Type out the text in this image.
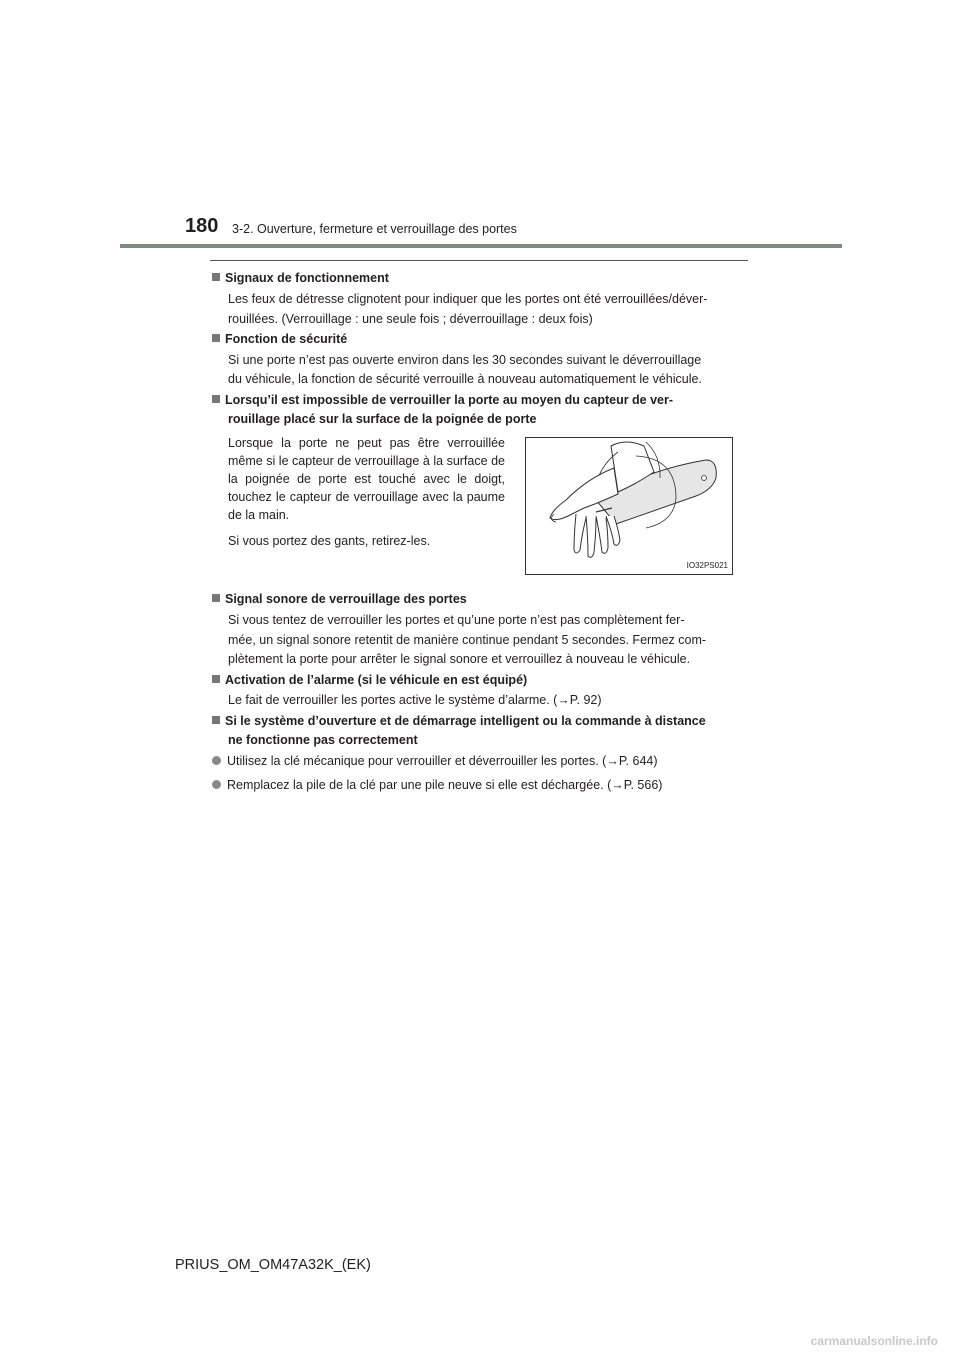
180 3-2. Ouverture, fermeture et verrouillage des portes
Signaux de fonctionnement
Les feux de détresse clignotent pour indiquer que les portes ont été verrouillées/déver-
rouillées. (Verrouillage : une seule fois ; déverrouillage : deux fois)
Fonction de sécurité
Si une porte n’est pas ouverte environ dans les 30 secondes suivant le déverrouillage
du véhicule, la fonction de sécurité verrouille à nouveau automatiquement le véhicule.
Lorsqu’il est impossible de verrouiller la porte au moyen du capteur de ver-
rouillage placé sur la surface de la poignée de porte

Lorsque la porte ne peut pas être verrouillée même si le capteur de verrouillage à la surface de la poignée de porte est touché avec le doigt, touchez le capteur de verrouillage avec la paume de la main.

Si vous portez des gants, retirez-les.

IO32PS021
Signal sonore de verrouillage des portes
Si vous tentez de verrouiller les portes et qu’une porte n’est pas complètement fer-
mée, un signal sonore retentit de manière continue pendant 5 secondes. Fermez com-
plètement la porte pour arrêter le signal sonore et verrouillez à nouveau le véhicule.
Activation de l’alarme (si le véhicule en est équipé)
Le fait de verrouiller les portes active le système d’alarme. (→P. 92)
Si le système d’ouverture et de démarrage intelligent ou la commande à distance
ne fonctionne pas correctement
Utilisez la clé mécanique pour verrouiller et déverrouiller les portes. (→P. 644)
Remplacez la pile de la clé par une pile neuve si elle est déchargée. (→P. 566)
PRIUS_OM_OM47A32K_(EK)
carmanualsonline.info
